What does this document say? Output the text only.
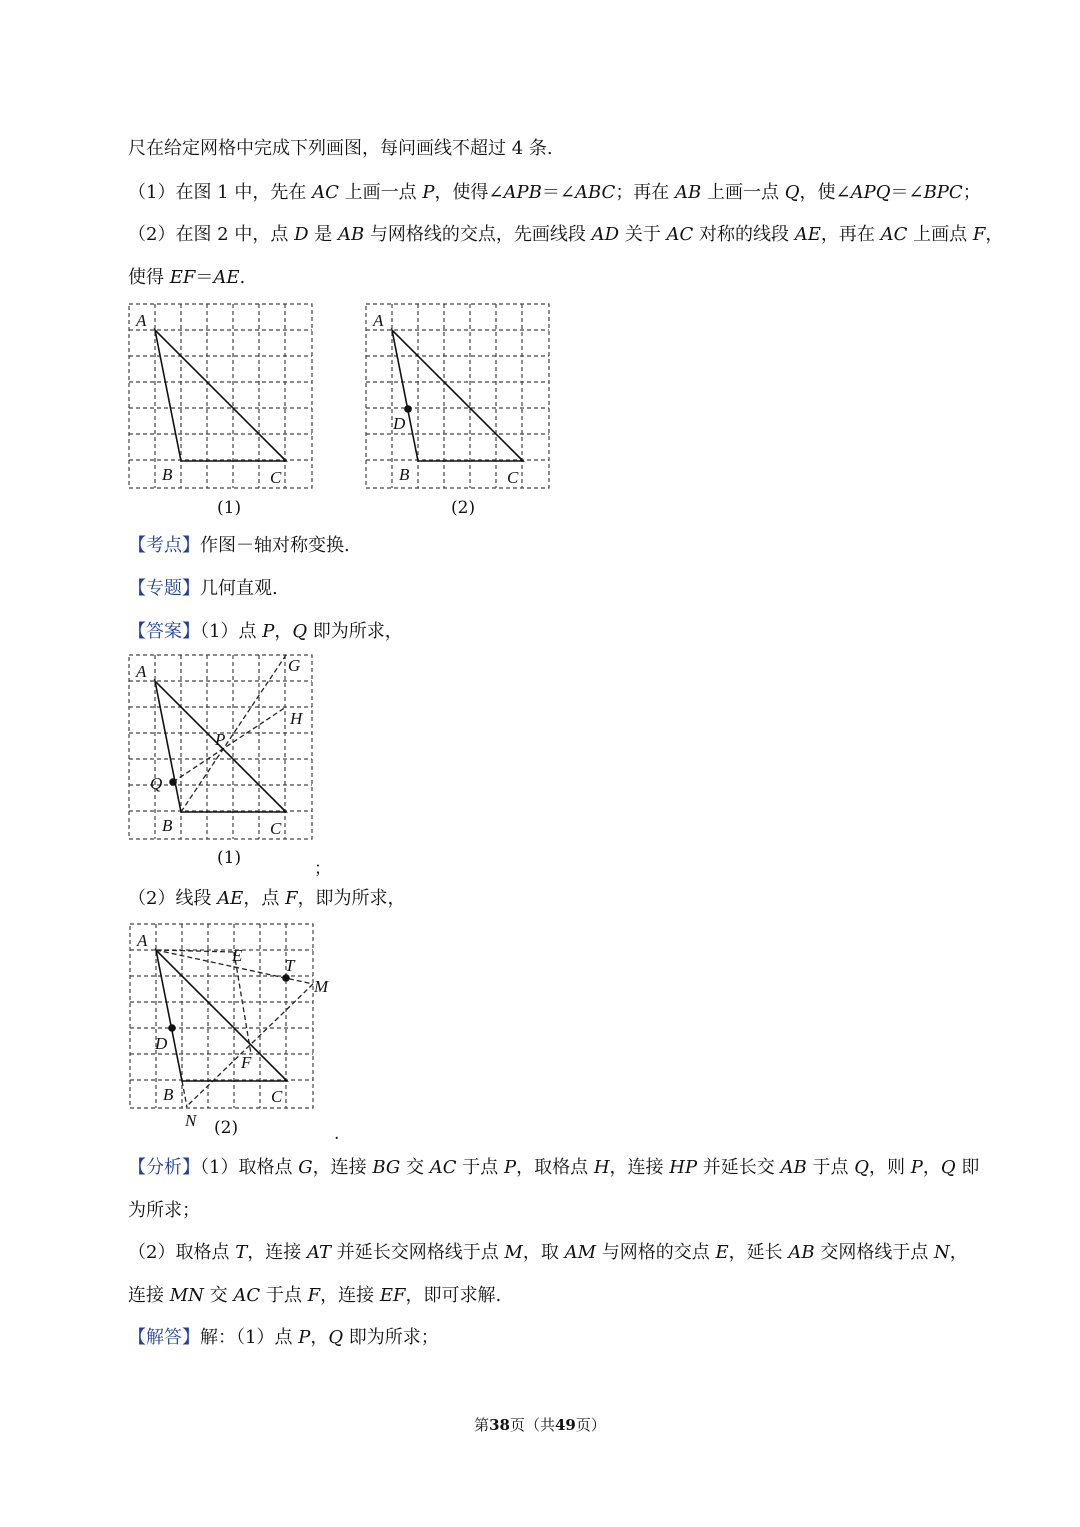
尺在给定网格中完成下列画图，每问画线不超过 4 条.
（1）在图 1 中，先在 AC 上画一点 P，使得∠APB＝∠ABC；再在 AB 上画一点 Q，使∠APQ＝∠BPC；
（2）在图 2 中，点 D 是 AB 与网格线的交点，先画线段 AD 关于 AC 对称的线段 AE，再在 AC 上画点 F，
使得 EF＝AE.
A
B	C
(1)
A
D
B	C
(2)
【考点】作图－轴对称变换.
【专题】几何直观.
【答案】（1）点 P，Q 即为所求，
A	G
H
P
Q
B	C
(1)
；
（2）线段 AE，点 F，即为所求，
A
E
T
M
D
F
B	C
N (2)	.
【分析】（1）取格点 G，连接 BG 交 AC 于点 P，取格点 H，连接 HP 并延长交 AB 于点 Q，则 P，Q 即
为所求；
（2）取格点 T，连接 AT 并延长交网格线于点 M，取 AM 与网格的交点 E，延长 AB 交网格线于点 N，
连接 MN 交 AC 于点 F，连接 EF，即可求解.
【解答】解：（1）点 P，Q 即为所求；
第38页（共49页）
